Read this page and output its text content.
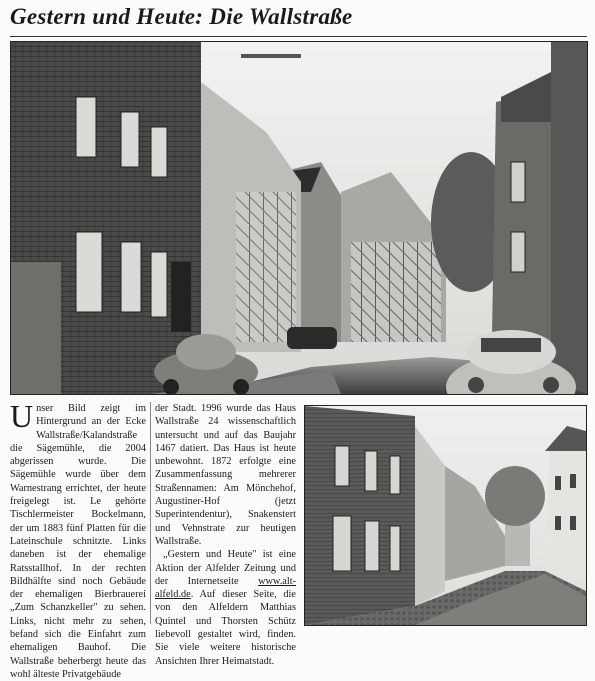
Gestern und Heute: Die Wallstraße

Unser Bild zeigt im Hintergrund an der Ecke Wallstraße/Kalandstraße die Sägemühle, die 2004 abgerissen wurde. Die Sägemühle wurde über dem Warnestrang errichtet, der heute freigelegt ist. Le gehörte Tischlermeister Bockelmann, der um 1883 fünf Platten für die Lateinschule schnitzte. Links daneben ist der ehemalige Ratsstallhof. In der rechten Bildhälfte sind noch Gebäude der ehemaligen Bierbrauerei „Zum Schanzkeller" zu sehen. Links, nicht mehr zu sehen, befand sich die Einfahrt zum ehemaligen Bauhof. Die Wallstraße beherbergt heute das wohl älteste Privatgebäude

der Stadt. 1996 wurde das Haus Wallstraße 24 wissenschaftlich untersucht und auf das Baujahr 1467 datiert. Das Haus ist heute unbewohnt. 1872 erfolgte eine Zusammenfassung mehrerer Straßennamen: Am Mönchehof, Augustiner-Hof (jetzt Superintendentur), Snakenstert und Vehnstrate zur heutigen Wallstraße.

„Gestern und Heute" ist eine Aktion der Alfelder Zeitung und der Internetseite www.alt-alfeld.de. Auf dieser Seite, die von den Alfeldern Matthias Quintel und Thorsten Schütz liebevoll gestaltet wird, finden. Sie viele weitere historische Ansichten Ihrer Heimatstadt.
